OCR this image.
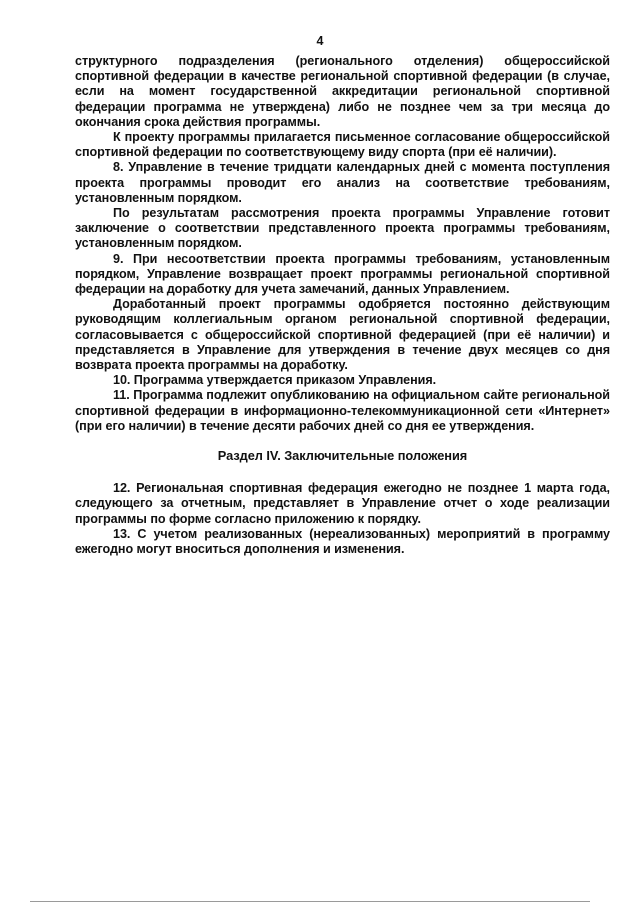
4

структурного подразделения (регионального отделения) общероссийской спортивной федерации в качестве региональной спортивной федерации (в случае, если на момент государственной аккредитации региональной спортивной федерации программа не утверждена) либо не позднее чем за три месяца до окончания срока действия программы.

К проекту программы прилагается письменное согласование общероссийской спортивной федерации по соответствующему виду спорта (при её наличии).

8. Управление в течение тридцати календарных дней с момента поступления проекта программы проводит его анализ на соответствие требованиям, установленным порядком.

По результатам рассмотрения проекта программы Управление готовит заключение о соответствии представленного проекта программы требованиям, установленным порядком.

9. При несоответствии проекта программы требованиям, установленным порядком, Управление возвращает проект программы региональной спортивной федерации на доработку для учета замечаний, данных Управлением.

Доработанный проект программы одобряется постоянно действующим руководящим коллегиальным органом региональной спортивной федерации, согласовывается с общероссийской спортивной федерацией (при её наличии) и представляется в Управление для утверждения в течение двух месяцев со дня возврата проекта программы на доработку.

10. Программа утверждается приказом Управления.

11. Программа подлежит опубликованию на официальном сайте региональной спортивной федерации в информационно-телекоммуникационной сети «Интернет» (при его наличии) в течение десяти рабочих дней со дня ее утверждения.

Раздел IV. Заключительные положения

12. Региональная спортивная федерация ежегодно не позднее 1 марта года, следующего за отчетным, представляет в Управление отчет о ходе реализации программы по форме согласно приложению к порядку.

13. С учетом реализованных (нереализованных) мероприятий в программу ежегодно могут вноситься дополнения и изменения.
